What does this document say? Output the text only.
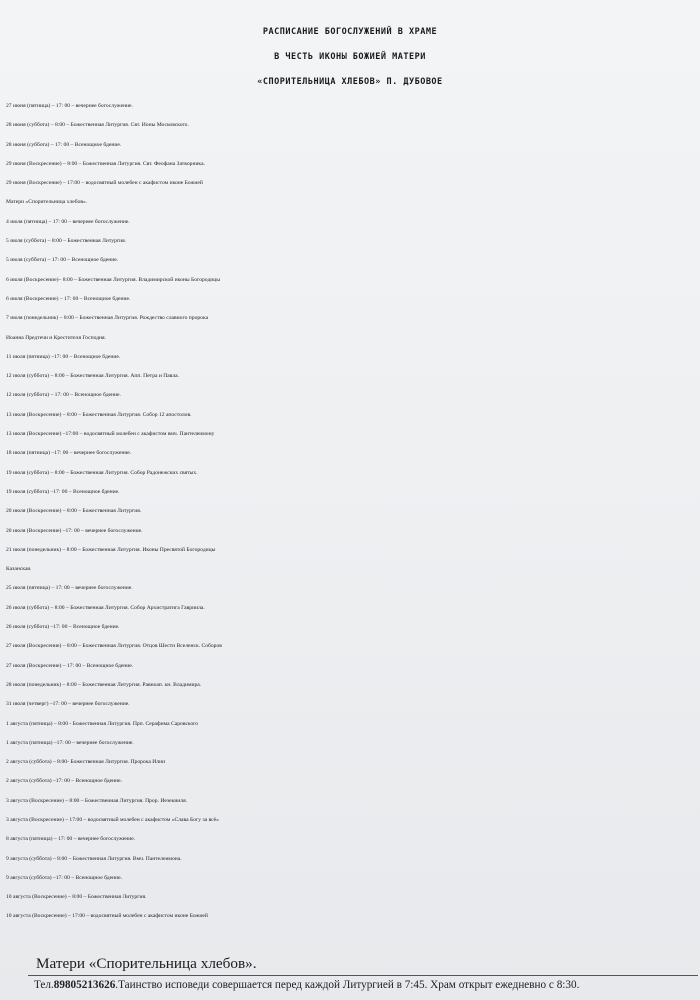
РАСПИСАНИЕ БОГОСЛУЖЕНИЙ В ХРАМЕ
В ЧЕСТЬ ИКОНЫ БОЖИЕЙ МАТЕРИ
«СПОРИТЕЛЬНИЦА ХЛЕБОВ» П. ДУБОВОЕ
27 июня (пятница) – 17: 00 – вечернее богослужение.
28 июня (суббота) – 8:00 – Божественная Литургия. Свт. Ионы Московского.
28 июня (суббота) – 17: 00 – Всенощное бдение.
29 июня (Воскресение) – 8:00 – Божественная Литургия. Свт. Феофана Затворника.
29 июня (Воскресение) – 17:00 – водосвятный молебен с акафистом иконе Божией
Матери «Спорительница хлебов».
4 июля (пятница) – 17: 00 – вечернее богослужение.
5 июля (суббота) – 8:00 – Божественная Литургия.
5 июля (суббота) – 17: 00 – Всенощное бдение.
6 июля (Воскресение)– 8:00 – Божественная Литургия. Владимирской иконы Богородицы
6 июля (Воскресение) – 17: 00 – Всенощное бдение.
7 июля (понедельник) – 8:00 – Божественная Литургия. Рождество славного пророка
Иоанна Предтечи и Крестителя Господня.
11 июля (пятница) –17: 00 – Всенощное бдение.
12 июля (суббота) – 8:00 – Божественная Литургия. Апп. Петра и Павла.
12 июля (суббота) – 17: 00 – Всенощное бдение.
13 июля (Воскресение) – 8:00 – Божественная Литургия. Собор 12 апостолов.
13 июля (Воскресение) –17:00 – водосвятный молебен с акафистом вмч. Пантелеимону
18 июля (пятница) –17: 00 – вечернее богослужение.
19 июля (суббота) – 8:00 – Божественная Литургия. Собор Радонежских святых.
19 июля (суббота) –17: 00 – Всенощное бдение.
20 июля (Воскресение) – 8:00 – Божественная Литургия.
20 июля (Воскресение) –17: 00 – вечернее богослужение.
21 июля (понедельник) – 8:00 – Божественная Литургия. Иконы Пресвятой Богородицы
Казанская.
25 июля (пятница) – 17: 00 – вечернее богослужение.
26 июля (суббота) – 8:00 – Божественная Литургия. Собор Архистратига Гавриила.
26 июля (суббота) –17: 00 – Всенощное бдение.
27 июля (Воскресение) – 8:00 – Божественная Литургия. Отцов Шести Вселенск. Соборов
27 июля (Воскресение) – 17: 00 – Всенощное бдение.
28 июля (понедельник) – 8:00 – Божественная Литургия. Равноап. кн. Владимира.
31 июля (четверг) –17: 00 – вечернее богослужение.
1 августа (пятница) – 8:00 - Божественная Литургия. Прп. Серафима Саровского
1 августа (пятница) –17: 00 – вечернее богослужение.
2 августа (суббота) – 8:00- Божественная Литургия. Пророка Илии
2 августа (суббота) –17: 00 – Всенощное бдение.
3 августа (Воскресение) – 8:00 – Божественная Литургия. Прор. Иезекииля.
3 августа (Воскресение) – 17:00 – водосвятный молебен с акафистом «Слава Богу за всё»
8 августа (пятница) – 17: 00 – вечернее богослужение.
9 августа (суббота) – 8:00 – Божественная Литургия. Вмч. Пантелеимона.
9 августа (суббота) –17: 00 – Всенощное бдение.
10 августа (Воскресение) – 8:00 – Божественная Литургия.
10 августа (Воскресение) – 17:00 – водосвятный молебен с акафистом иконе Божией
Матери «Спорительница хлебов».
Тел.89805213626.Таинство исповеди совершается перед каждой Литургией в 7:45. Храм открыт ежедневно с 8:30.
